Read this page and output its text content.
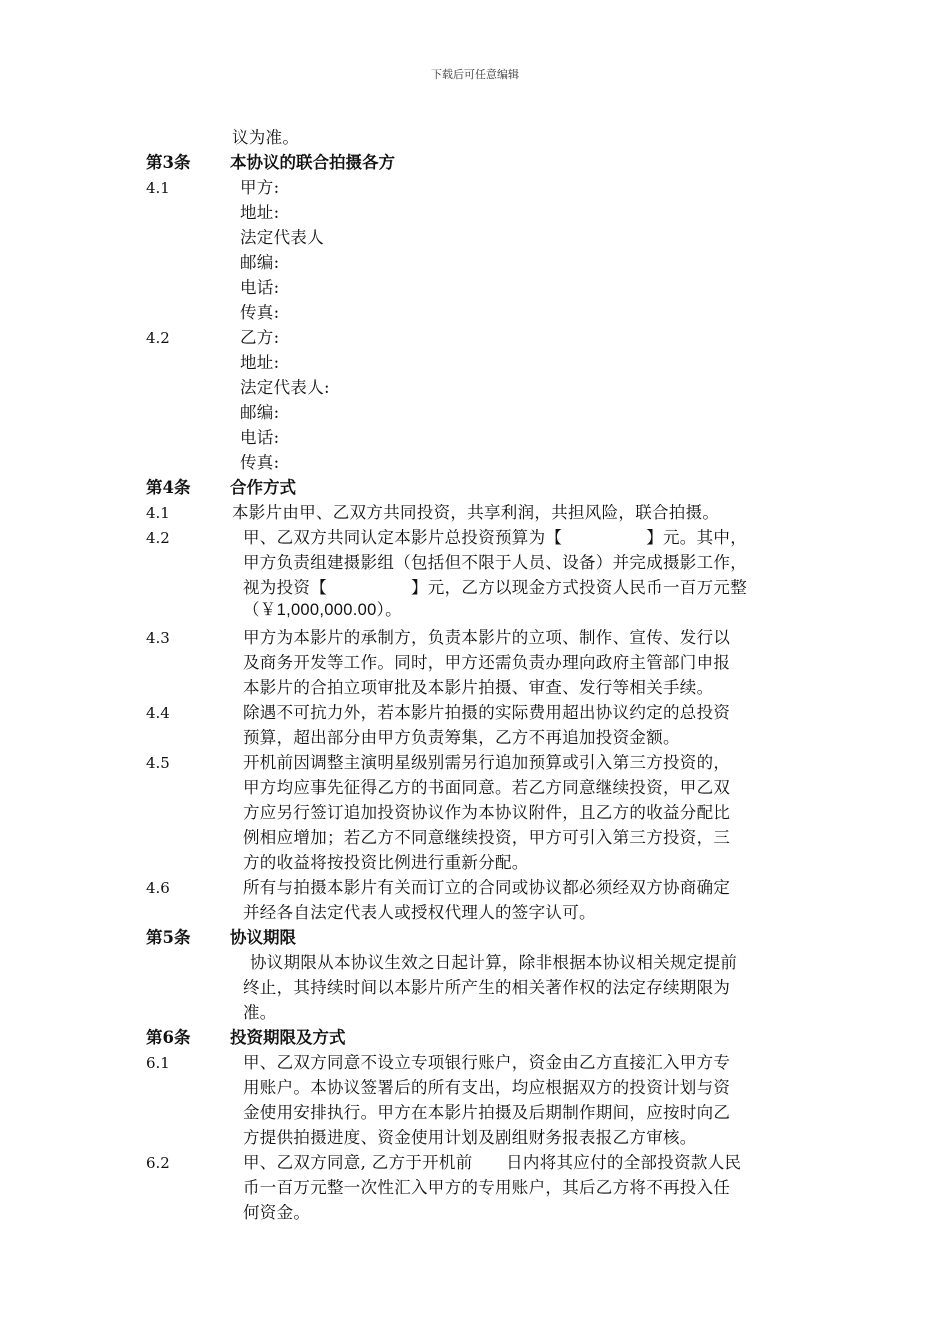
下载后可任意编辑
议为准。
第3条 本协议的联合拍摄各方
4.1	甲方:
地址:
法定代表人
邮编:
电话:
传真:
4.2	乙方:
地址:
法定代表人:
邮编:
电话:
传真:
第4条 合作方式
4.1	本影片由甲、乙双方共同投资，共享利润，共担风险，联合拍摄。
4.2	甲、乙双方共同认定本影片总投资预算为【　　　　　】元。其中，
甲方负责组建摄影组（包括但不限于人员、设备）并完成摄影工作，
视为投资【　　　　　】元，乙方以现金方式投资人民币一百万元整
（￥1,000,000.00）。
4.3	甲方为本影片的承制方，负责本影片的立项、制作、宣传、发行以
及商务开发等工作。同时，甲方还需负责办理向政府主管部门申报
本影片的合拍立项审批及本影片拍摄、审查、发行等相关手续。
4.4	除遇不可抗力外，若本影片拍摄的实际费用超出协议约定的总投资
预算，超出部分由甲方负责筹集，乙方不再追加投资金额。
4.5	开机前因调整主演明星级别需另行追加预算或引入第三方投资的，
甲方均应事先征得乙方的书面同意。若乙方同意继续投资，甲乙双
方应另行签订追加投资协议作为本协议附件，且乙方的收益分配比
例相应增加；若乙方不同意继续投资，甲方可引入第三方投资，三
方的收益将按投资比例进行重新分配。
4.6	所有与拍摄本影片有关而订立的合同或协议都必须经双方协商确定
并经各自法定代表人或授权代理人的签字认可。
第5条 协议期限
协议期限从本协议生效之日起计算，除非根据本协议相关规定提前
终止，其持续时间以本影片所产生的相关著作权的法定存续期限为
准。
第6条 投资期限及方式
6.1	甲、乙双方同意不设立专项银行账户，资金由乙方直接汇入甲方专
用账户。本协议签署后的所有支出，均应根据双方的投资计划与资
金使用安排执行。甲方在本影片拍摄及后期制作期间，应按时向乙
方提供拍摄进度、资金使用计划及剧组财务报表报乙方审核。
6.2	甲、乙双方同意, 乙方于开机前　　日内将其应付的全部投资款人民
币一百万元整一次性汇入甲方的专用账户，其后乙方将不再投入任
何资金。
